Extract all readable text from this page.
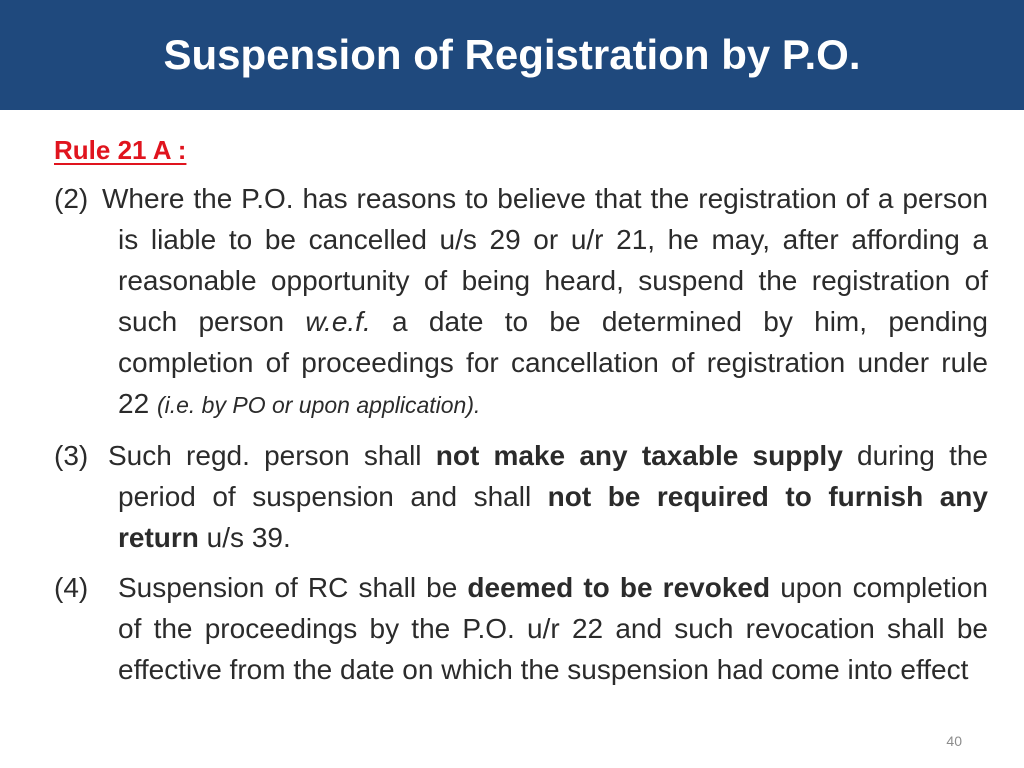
Suspension of Registration by P.O.
Rule 21 A :

(2) Where the P.O. has reasons to believe that the registration of a person is liable to be cancelled u/s 29 or u/r 21, he may, after affording a reasonable opportunity of being heard, suspend the registration of such person w.e.f. a date to be determined by him, pending completion of proceedings for cancellation of registration under rule 22 (i.e. by PO or upon application).

(3) Such regd. person shall not make any taxable supply during the period of suspension and shall not be required to furnish any return u/s 39.

(4) Suspension of RC shall be deemed to be revoked upon completion of the proceedings by the P.O. u/r 22 and such revocation shall be effective from the date on which the suspension had come into effect

40
